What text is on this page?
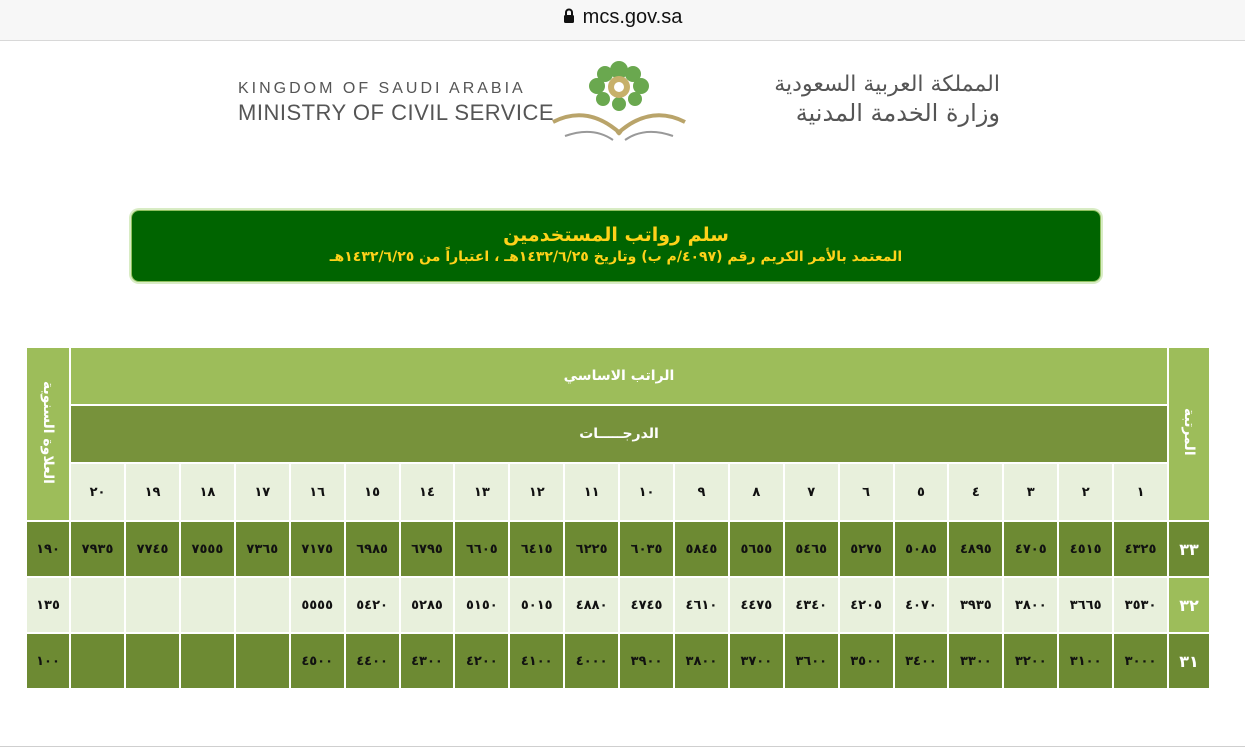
mcs.gov.sa
KINGDOM OF SAUDI ARABIA
MINISTRY OF CIVIL SERVICE
المملكة العربية السعودية
وزارة الخدمة المدنية
سلم رواتب المستخدمين
المعتمد بالأمر الكريم رقم (٤٠٩٧/م ب) وتاريخ ١٤٣٢/٦/٢٥هـ ، اعتباراً من ١٤٣٢/٦/٢٥هـ
المرتبة	الراتب الاساسي																				العلاوة السنوية
	الدرجـــــات																				
	١	٢	٣	٤	٥	٦	٧	٨	٩	١٠	١١	١٢	١٣	١٤	١٥	١٦	١٧	١٨	١٩	٢٠	
٣٣	٤٣٢٥	٤٥١٥	٤٧٠٥	٤٨٩٥	٥٠٨٥	٥٢٧٥	٥٤٦٥	٥٦٥٥	٥٨٤٥	٦٠٣٥	٦٢٢٥	٦٤١٥	٦٦٠٥	٦٧٩٥	٦٩٨٥	٧١٧٥	٧٣٦٥	٧٥٥٥	٧٧٤٥	٧٩٣٥	١٩٠
٣٢	٣٥٣٠	٣٦٦٥	٣٨٠٠	٣٩٣٥	٤٠٧٠	٤٢٠٥	٤٣٤٠	٤٤٧٥	٤٦١٠	٤٧٤٥	٤٨٨٠	٥٠١٥	٥١٥٠	٥٢٨٥	٥٤٢٠	٥٥٥٥					١٣٥
٣١	٣٠٠٠	٣١٠٠	٣٢٠٠	٣٣٠٠	٣٤٠٠	٣٥٠٠	٣٦٠٠	٣٧٠٠	٣٨٠٠	٣٩٠٠	٤٠٠٠	٤١٠٠	٤٢٠٠	٤٣٠٠	٤٤٠٠	٤٥٠٠					١٠٠
